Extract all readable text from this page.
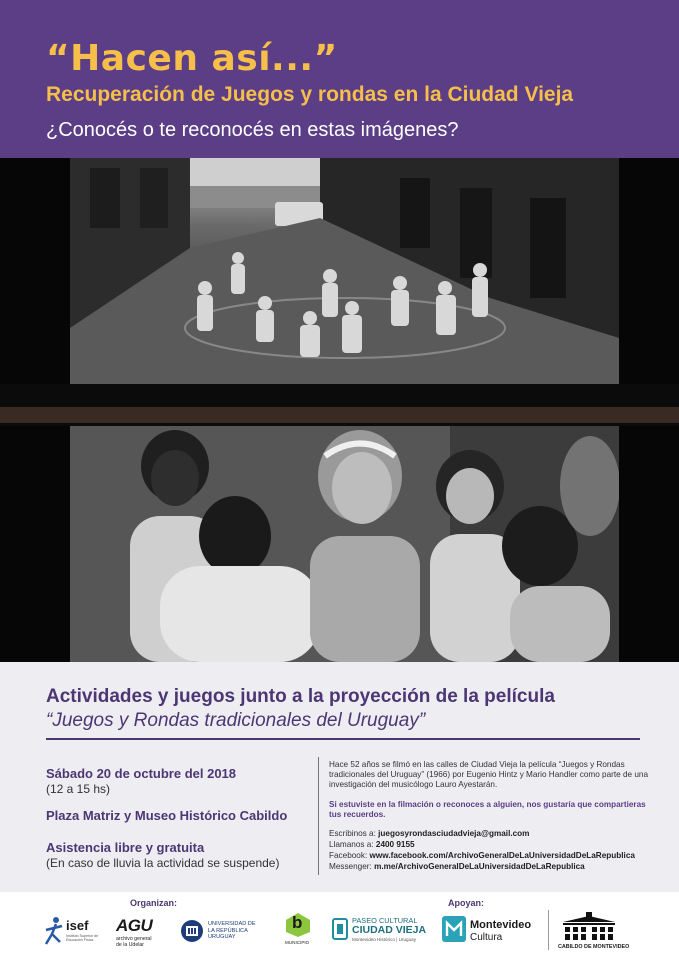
“Hacen así...”
Recuperación de Juegos y rondas en la Ciudad Vieja
¿Conocés o te reconocés en estas imágenes?
Actividades y juegos junto a la proyección de la película
“Juegos y Rondas tradicionales del Uruguay”
Sábado 20 de octubre del 2018
(12 a 15 hs)
Plaza Matriz y Museo Histórico Cabildo
Asistencia libre y gratuita
(En caso de lluvia la actividad se suspende)
Hace 52 años se filmó en las calles de Ciudad Vieja la película “Juegos y Rondas tradicionales del Uruguay” (1966) por Eugenio Hintz y Mario Handler como parte de una investigación del musicólogo Lauro Ayestarán.
Si estuviste en la filmación o reconoces a alguien, nos gustaría que compartieras tus recuerdos.
Escribinos a: juegosyrondasciudadvieja@gmail.com
Llamanos a: 2400 9155
Facebook: www.facebook.com/ArchivoGeneralDeLaUniversidadDeLaRepublica
Messenger: m.me/ArchivoGeneralDeLaUniversidadDeLaRepublica
Organizan:	Apoyan:
isef
Instituto Superior de Educación Física
AGU
archivo general de la Udelar
UNIVERSIDAD DE LA REPÚBLICA URUGUAY
b
MUNICIPIO
PASEO CULTURAL
CIUDAD VIEJA
Montevideo Histórico | Uruguay
Montevideo
Cultura
CABILDO DE MONTEVIDEO
